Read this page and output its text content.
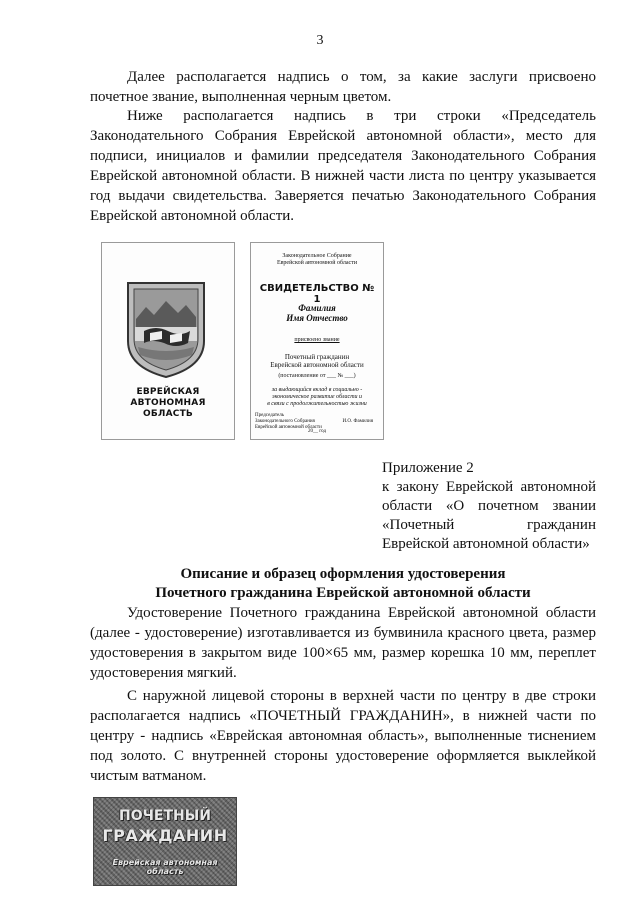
3

Далее располагается надпись о том, за какие заслуги присвоено почетное звание, выполненная черным цветом.

Ниже располагается надпись в три строки «Председатель Законодательного Собрания Еврейской автономной области», место для подписи, инициалов и фамилии председателя Законодательного Собрания Еврейской автономной области. В нижней части листа по центру указывается год выдачи свидетельства. Заверяется печатью Законодательного Собрания Еврейской автономной области.

ЕВРЕЙСКАЯ АВТОНОМНАЯ
ОБЛАСТЬ
Законодательное Собрание
Еврейской автономной области
СВИДЕТЕЛЬСТВО № 1
Фамилия
Имя Отчество
присвоено звание
Почетный гражданин
Еврейской автономной области
(постановление от ___ № ___)
за выдающийся вклад в социально -
экономическое развитие области и
в связи с продолжительностью жизни
Председатель
Законодательного Собрания
Еврейской автономной области
И.О. Фамилия
20__ год
Приложение 2
к закону Еврейской автономной
области «О почетном звании
«Почетный гражданин
Еврейской автономной области»
Описание и образец оформления удостоверения
Почетного гражданина Еврейской автономной области

Удостоверение Почетного гражданина Еврейской автономной области (далее - удостоверение) изготавливается из бумвинила красного цвета, размер удостоверения в закрытом виде 100×65 мм, размер корешка 10 мм, переплет удостоверения мягкий.

С наружной лицевой стороны в верхней части по центру в две строки располагается надпись «ПОЧЕТНЫЙ ГРАЖДАНИН», в нижней части по центру - надпись «Еврейская автономная область», выполненные тиснением под золото. С внутренней стороны удостоверение оформляется выклейкой чистым ватманом.

ПОЧЕТНЫЙ
ГРАЖДАНИН
Еврейская автономная область
